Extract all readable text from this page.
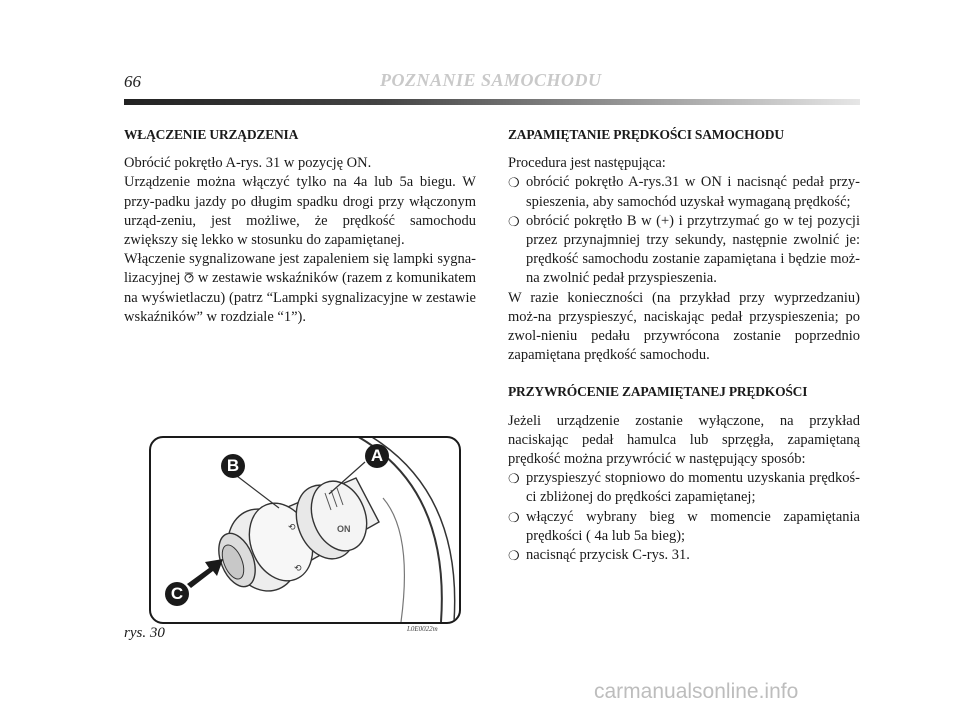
66	POZNANIE SAMOCHODU
WŁĄCZENIE URZĄDZENIA

Obrócić pokrętło A-rys. 31 w pozycję ON.

Urządzenie można włączyć tylko na 4a lub 5a biegu. W przy-padku jazdy po długim spadku drogi przy włączonym urząd-zeniu, jest możliwe, że prędkość samochodu zwiększy się lekko w stosunku do zapamiętanej.

Włączenie sygnalizowane jest zapaleniem się lampki sygna-lizacyjnej w zestawie wskaźników (razem z komunikatem na wyświetlaczu) (patrz “Lampki sygnalizacyjne w zestawie wskaźników” w rozdziale “1”).

ZAPAMIĘTANIE PRĘDKOŚCI SAMOCHODU

Procedura jest następująca:

❍ obrócić pokrętło A-rys.31 w ON i nacisnąć pedał przy-spieszenia, aby samochód uzyskał wymaganą prędkość;
❍ obrócić pokrętło B w (+) i przytrzymać go w tej pozycji przez przynajmniej trzy sekundy, następnie zwolnić je: prędkość samochodu zostanie zapamiętana i będzie moż-na zwolnić pedał przyspieszenia.

W razie konieczności (na przykład przy wyprzedzaniu) moż-na przyspieszyć, naciskając pedał przyspieszenia; po zwol-nieniu pedału przywrócona zostanie poprzednio zapamiętana prędkość samochodu.

PRZYWRÓCENIE ZAPAMIĘTANEJ PRĘDKOŚCI

Jeżeli urządzenie zostanie wyłączone, na przykład naciskając pedał hamulca lub sprzęgła, zapamiętaną prędkość można przywrócić w następujący sposób:

❍ przyspieszyć stopniowo do momentu uzyskania prędkoś-ci zbliżonej do prędkości zapamiętanej;
❍ włączyć wybrany bieg w momencie zapamiętania prędkości ( 4a lub 5a bieg);
❍ nacisnąć przycisk C-rys. 31.
⟲
⟲
ON
B
A
C
rys. 30	L0E0022m
carmanualsonline.info
